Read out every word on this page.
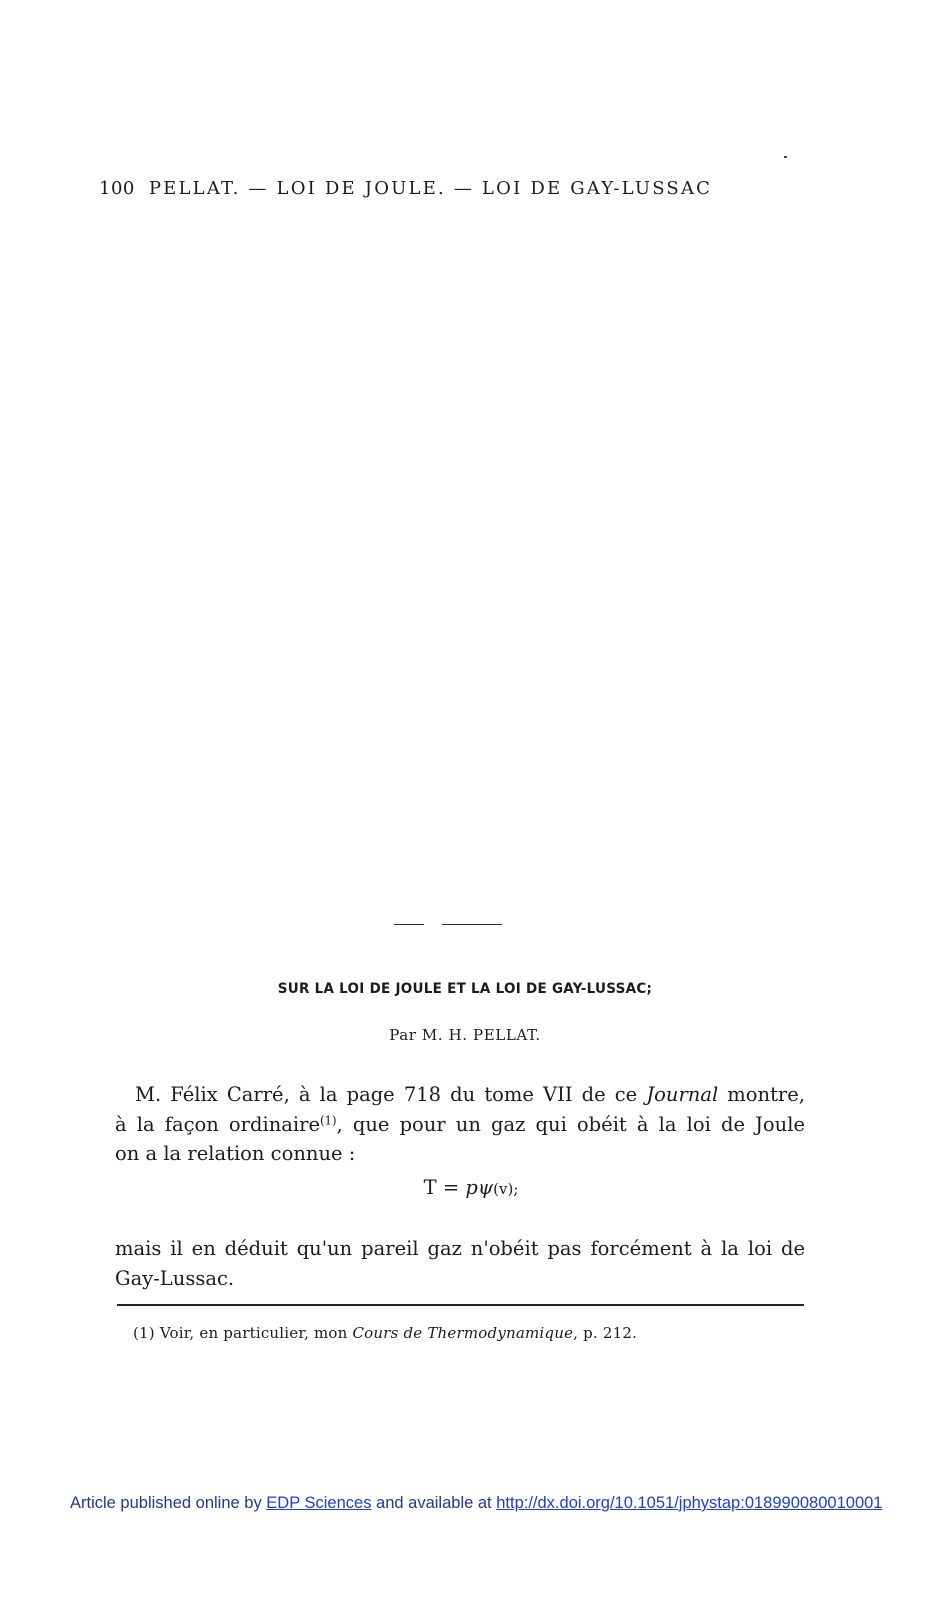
100 PELLAT. — LOI DE JOULE. — LOI DE GAY-LUSSAC
SUR LA LOI DE JOULE ET LA LOI DE GAY-LUSSAC;
Par M. H. PELLAT.
M. Félix Carré, à la page 718 du tome VII de ce Journal montre,
à la façon ordinaire$^{(1)}$, que pour un gaz qui obéit à la loi de Joule
on a la relation connue :
T = pψ(v);
mais il en déduit qu'un pareil gaz n'obéit pas forcément à la loi de
Gay-Lussac.
(1) Voir, en particulier, mon Cours de Thermodynamique, p. 212.
Article published online by EDP Sciences and available at http://dx.doi.org/10.1051/jphystap:018990080010001
